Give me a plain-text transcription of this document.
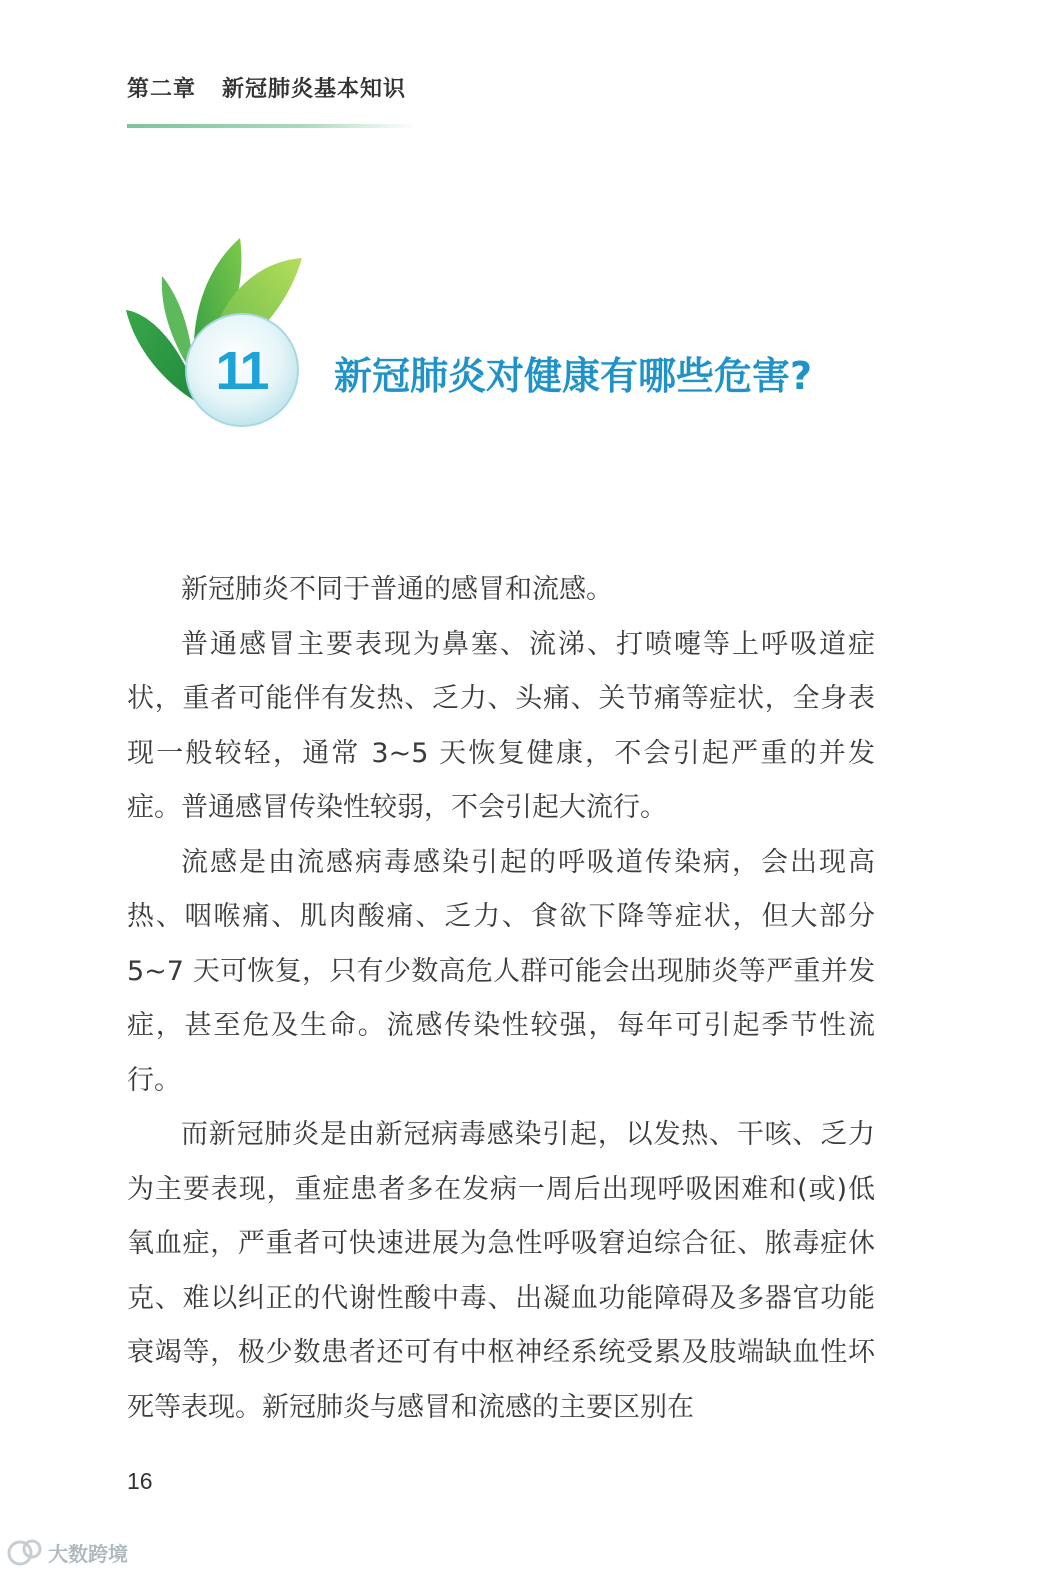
第二章 新冠肺炎基本知识
11	新冠肺炎对健康有哪些危害?

新冠肺炎不同于普通的感冒和流感。

普通感冒主要表现为鼻塞、流涕、打喷嚏等上呼吸道症状，重者可能伴有发热、乏力、头痛、关节痛等症状，全身表现一般较轻，通常 3~5 天恢复健康，不会引起严重的并发症。普通感冒传染性较弱，不会引起大流行。

流感是由流感病毒感染引起的呼吸道传染病，会出现高热、咽喉痛、肌肉酸痛、乏力、食欲下降等症状，但大部分 5~7 天可恢复，只有少数高危人群可能会出现肺炎等严重并发症，甚至危及生命。流感传染性较强，每年可引起季节性流行。

而新冠肺炎是由新冠病毒感染引起，以发热、干咳、乏力为主要表现，重症患者多在发病一周后出现呼吸困难和(或)低氧血症，严重者可快速进展为急性呼吸窘迫综合征、脓毒症休克、难以纠正的代谢性酸中毒、出凝血功能障碍及多器官功能衰竭等，极少数患者还可有中枢神经系统受累及肢端缺血性坏死等表现。新冠肺炎与感冒和流感的主要区别在

16
大数跨境
